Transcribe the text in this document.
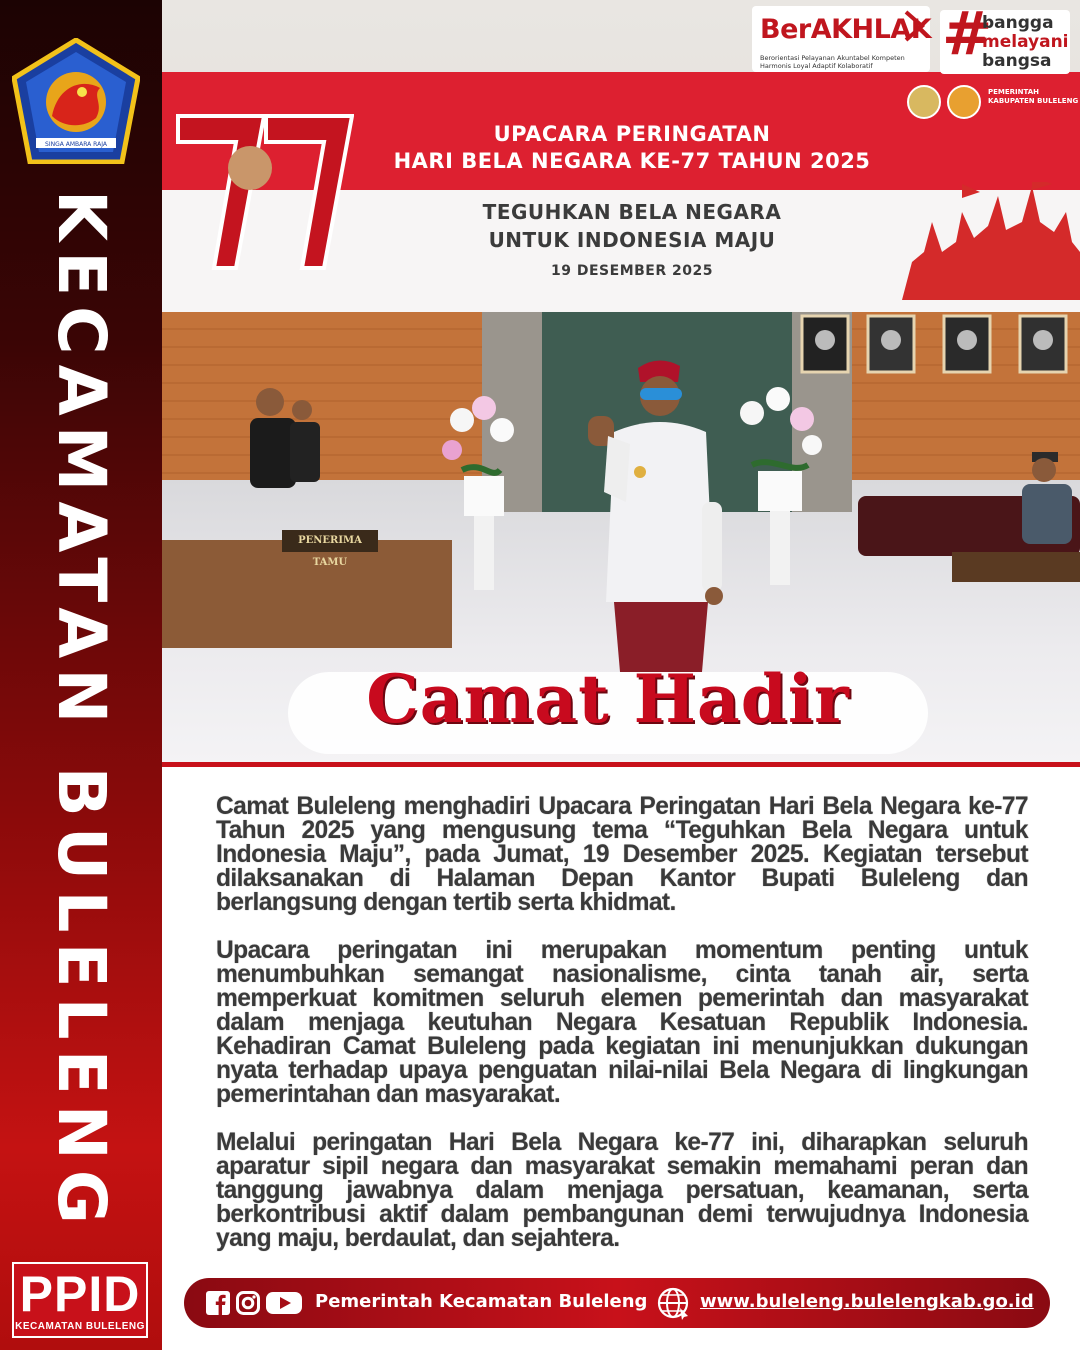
SINGA AMBARA RAJA
KECAMATAN BULELENG
PPID
KECAMATAN BULELENG
PENERIMA TAMU
77
UPACARA PERINGATAN
HARI BELA NEGARA KE-77 TAHUN 2025
TEGUHKAN BELA NEGARA
UNTUK INDONESIA MAJU
19 DESEMBER 2025
PEMERINTAH
KABUPATEN BULELENG
Camat Hadir
BerAKHLAK
Berorientasi Pelayanan Akuntabel Kompeten
Harmonis Loyal Adaptif Kolaboratif #
bangga
melayani
bangsa

Camat Buleleng menghadiri Upacara Peringatan Hari Bela Negara ke-77 Tahun 2025 yang mengusung tema “Teguhkan Bela Negara untuk Indonesia Maju”, pada Jumat, 19 Desember 2025. Kegiatan tersebut dilaksanakan di Halaman Depan Kantor Bupati Buleleng dan berlangsung dengan tertib serta khidmat.

Upacara peringatan ini merupakan momentum penting untuk menumbuhkan semangat nasionalisme, cinta tanah air, serta memperkuat komitmen seluruh elemen pemerintah dan masyarakat dalam menjaga keutuhan Negara Kesatuan Republik Indonesia. Kehadiran Camat Buleleng pada kegiatan ini menunjukkan dukungan nyata terhadap upaya penguatan nilai-nilai Bela Negara di lingkungan pemerintahan dan masyarakat.

Melalui peringatan Hari Bela Negara ke-77 ini, diharapkan seluruh aparatur sipil negara dan masyarakat semakin memahami peran dan tanggung jawabnya dalam menjaga persatuan, keamanan, serta berkontribusi aktif dalam pembangunan demi terwujudnya Indonesia yang maju, berdaulat, dan sejahtera.

Pemerintah Kecamatan Buleleng	www.buleleng.bulelengkab.go.id
